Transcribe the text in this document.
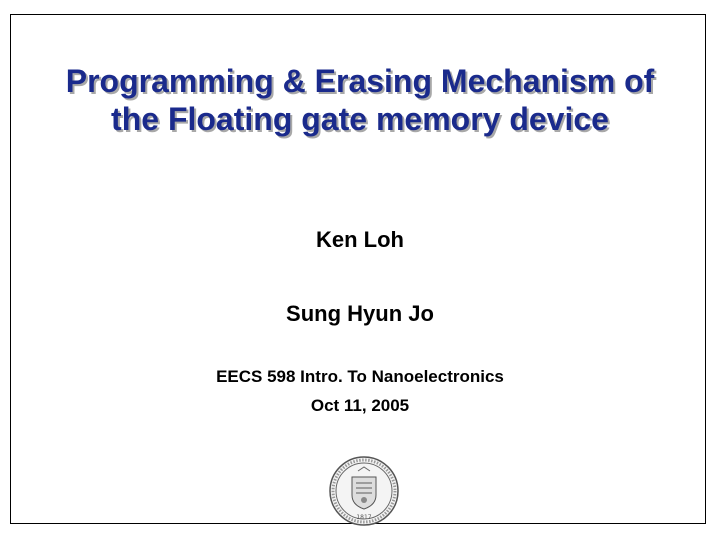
Programming & Erasing Mechanism of
the Floating gate memory device
Ken Loh
Sung Hyun Jo
EECS 598 Intro. To Nanoelectronics
Oct 11, 2005
1817
